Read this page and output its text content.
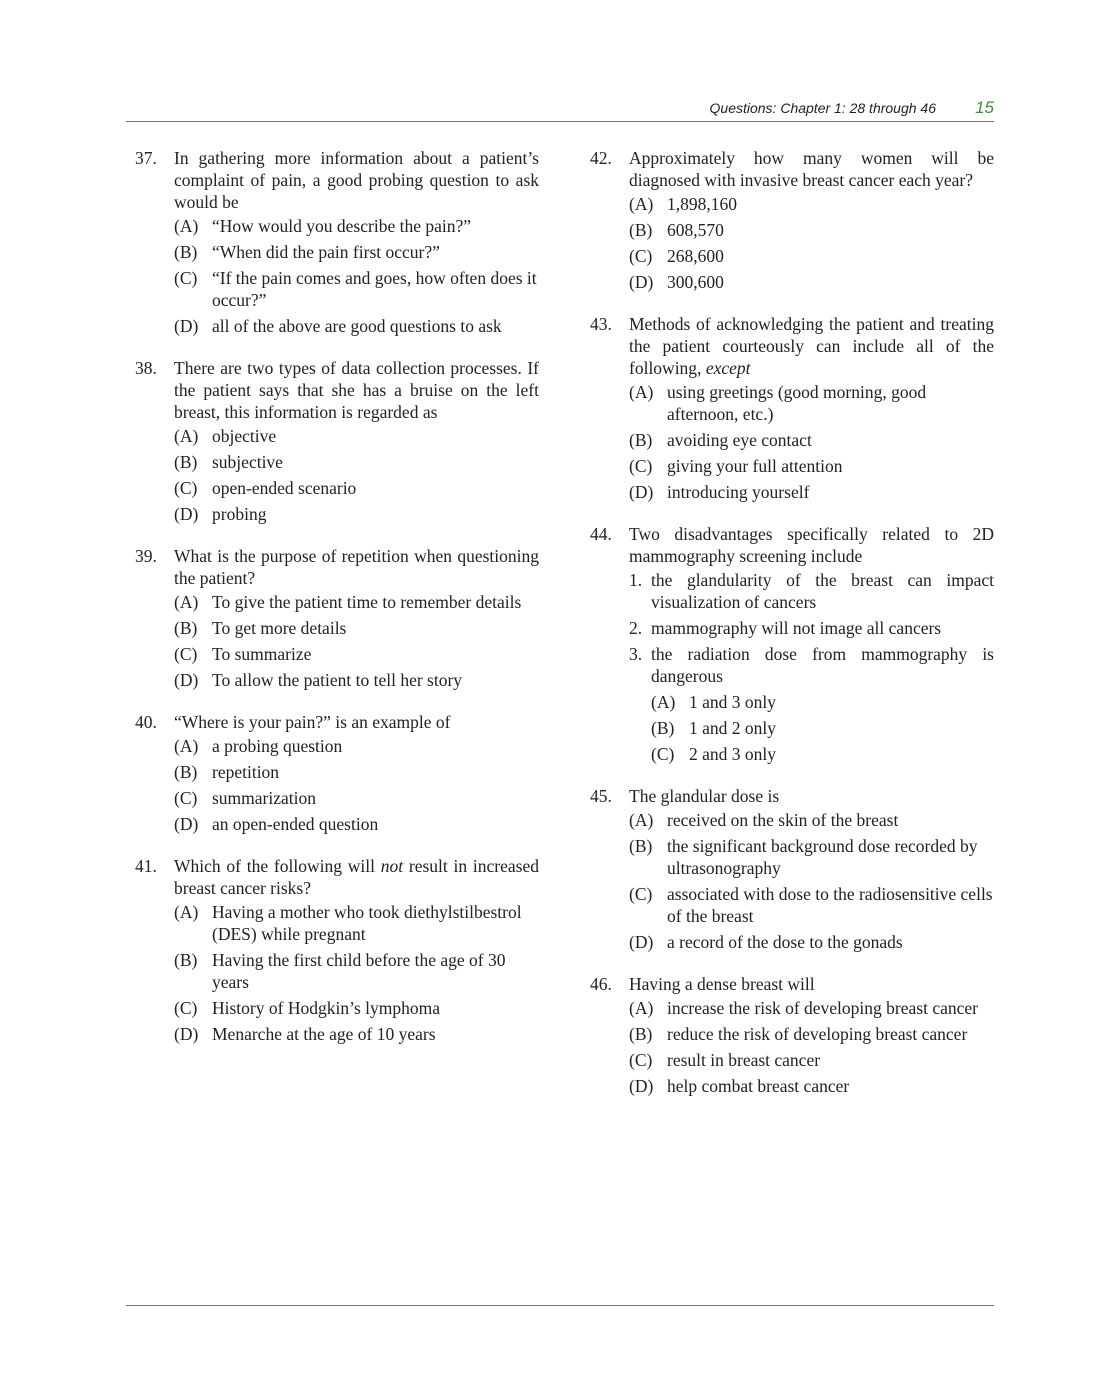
Questions: Chapter 1: 28 through 46 15
37. In gathering more information about a patient’s complaint of pain, a good probing question to ask would be
(A) “How would you describe the pain?”
(B) “When did the pain first occur?”
(C) “If the pain comes and goes, how often does it occur?”
(D) all of the above are good questions to ask
38. There are two types of data collection processes. If the patient says that she has a bruise on the left breast, this information is regarded as
(A) objective
(B) subjective
(C) open-ended scenario
(D) probing
39. What is the purpose of repetition when questioning the patient?
(A) To give the patient time to remember details
(B) To get more details
(C) To summarize
(D) To allow the patient to tell her story
40. “Where is your pain?” is an example of
(A) a probing question
(B) repetition
(C) summarization
(D) an open-ended question
41. Which of the following will not result in increased breast cancer risks?
(A) Having a mother who took diethylstilbestrol (DES) while pregnant
(B) Having the first child before the age of 30 years
(C) History of Hodgkin’s lymphoma
(D) Menarche at the age of 10 years
42. Approximately how many women will be diagnosed with invasive breast cancer each year?
(A) 1,898,160
(B) 608,570
(C) 268,600
(D) 300,600
43. Methods of acknowledging the patient and treating the patient courteously can include all of the following, except
(A) using greetings (good morning, good afternoon, etc.)
(B) avoiding eye contact
(C) giving your full attention
(D) introducing yourself
44. Two disadvantages specifically related to 2D mammography screening include
1. the glandularity of the breast can impact visualization of cancers
2. mammography will not image all cancers
3. the radiation dose from mammography is dangerous
(A) 1 and 3 only
(B) 1 and 2 only
(C) 2 and 3 only
45. The glandular dose is
(A) received on the skin of the breast
(B) the significant background dose recorded by ultrasonography
(C) associated with dose to the radiosensitive cells of the breast
(D) a record of the dose to the gonads
46. Having a dense breast will
(A) increase the risk of developing breast cancer
(B) reduce the risk of developing breast cancer
(C) result in breast cancer
(D) help combat breast cancer
